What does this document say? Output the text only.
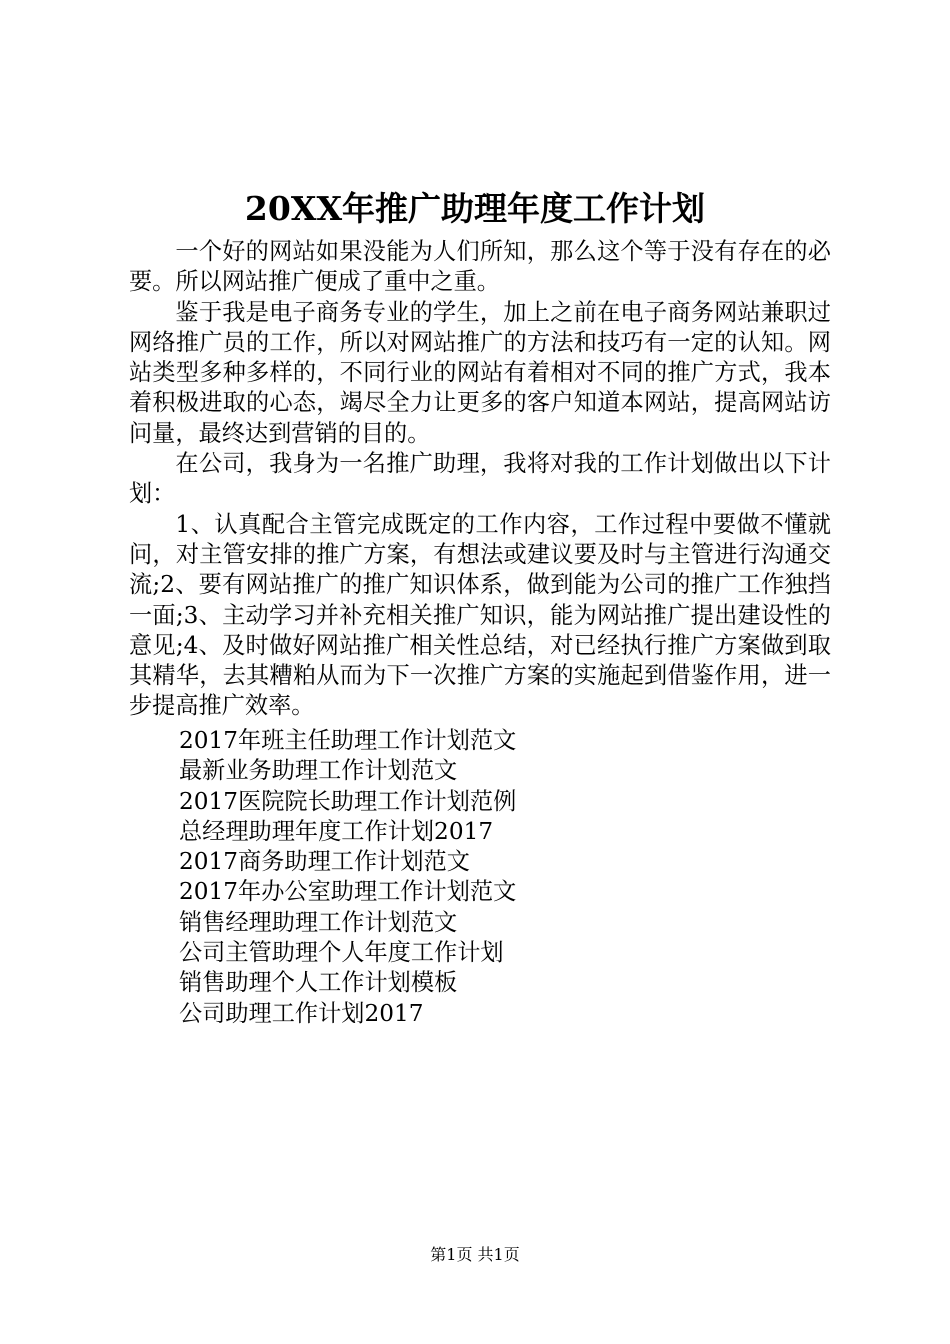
20XX年推广助理年度工作计划

一个好的网站如果没能为人们所知，那么这个等于没有存在的必要。所以网站推广便成了重中之重。

鉴于我是电子商务专业的学生，加上之前在电子商务网站兼职过网络推广员的工作，所以对网站推广的方法和技巧有一定的认知。网站类型多种多样的，不同行业的网站有着相对不同的推广方式，我本着积极进取的心态，竭尽全力让更多的客户知道本网站，提高网站访问量，最终达到营销的目的。

在公司，我身为一名推广助理，我将对我的工作计划做出以下计划：

1、认真配合主管完成既定的工作内容，工作过程中要做不懂就问，对主管安排的推广方案，有想法或建议要及时与主管进行沟通交流;2、要有网站推广的推广知识体系，做到能为公司的推广工作独挡一面;3、主动学习并补充相关推广知识，能为网站推广提出建设性的意见;4、及时做好网站推广相关性总结，对已经执行推广方案做到取其精华，去其糟粕从而为下一次推广方案的实施起到借鉴作用，进一步提高推广效率。

2017年班主任助理工作计划范文
最新业务助理工作计划范文
2017医院院长助理工作计划范例
总经理助理年度工作计划2017
2017商务助理工作计划范文
2017年办公室助理工作计划范文
销售经理助理工作计划范文
公司主管助理个人年度工作计划
销售助理个人工作计划模板
公司助理工作计划2017
第1页 共1页
